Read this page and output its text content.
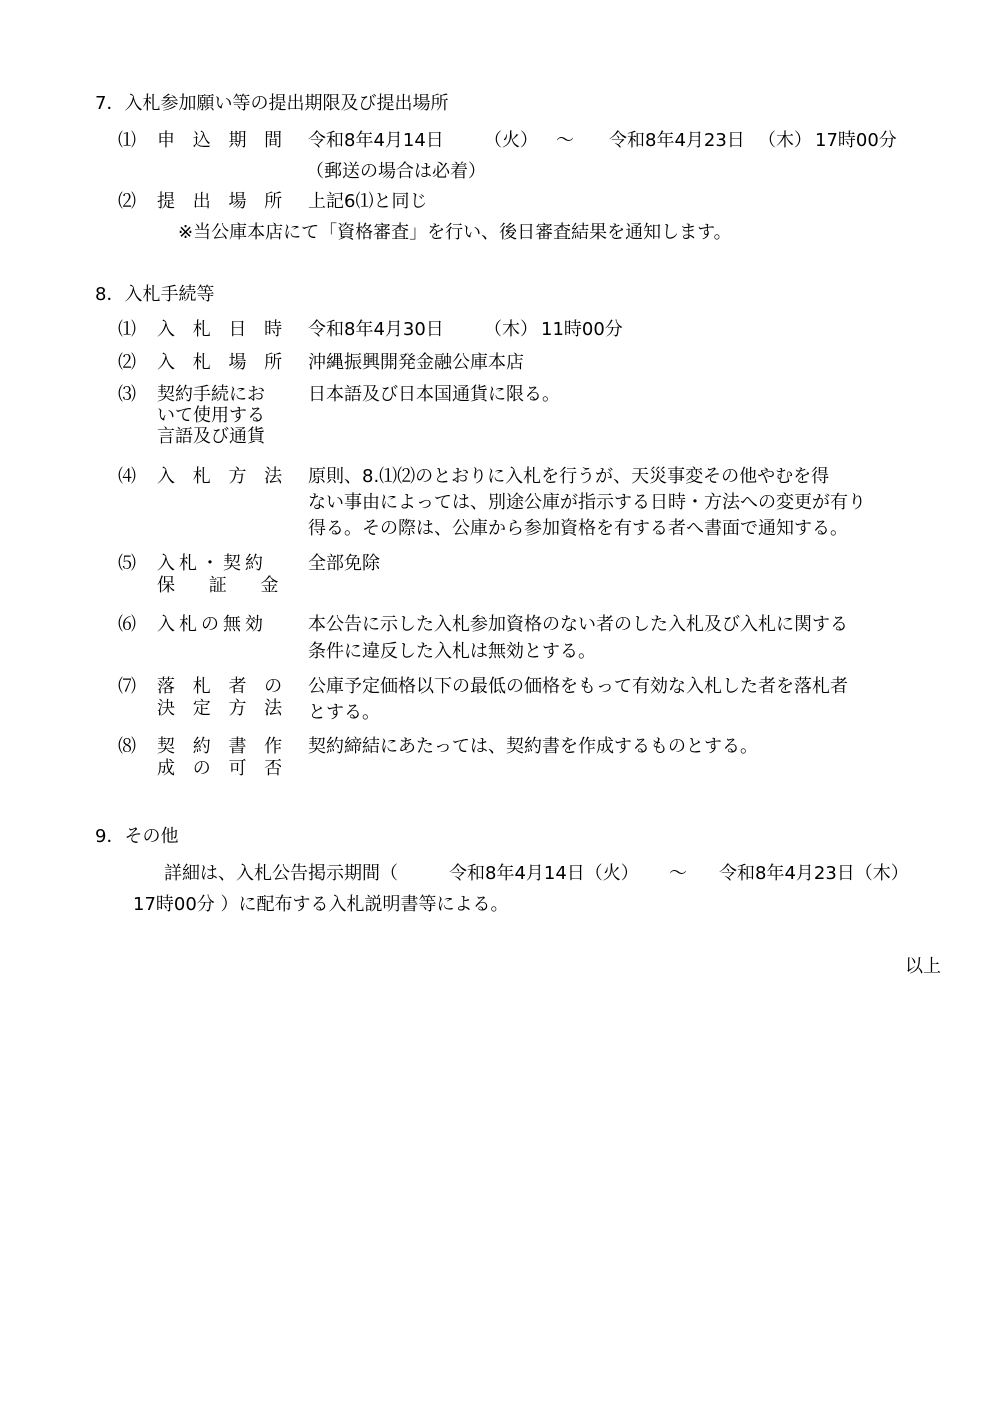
7．入札参加願い等の提出期限及び提出場所
⑴ 申 込 期 間 令和8年4月14日 （火） ～ 令和8年4月23日 （木） 17時00分
（郵送の場合は必着）
⑵ 提 出 場 所 上記6⑴と同じ
※当公庫本店にて「資格審査」を行い、後日審査結果を通知します。
8．入札手続等
⑴ 入 札 日 時 令和8年4月30日 （木） 11時00分
⑵ 入 札 場 所 沖縄振興開発金融公庫本店
⑶ 契約手続にお
いて使用する
言語及び通貨
日本語及び日本国通貨に限る。
⑷ 入 札 方 法 原則、8.⑴⑵のとおりに入札を行うが、天災事変その他やむを得
ない事由によっては、別途公庫が指示する日時・方法への変更が有り
得る。その際は、公庫から参加資格を有する者へ書面で通知する。
⑸ 入札・契約
保 証 金
全部免除
⑹ 入札の無効 本公告に示した入札参加資格のない者のした入札及び入札に関する
条件に違反した入札は無効とする。
⑺ 落 札 者 の
決 定 方 法
公庫予定価格以下の最低の価格をもって有効な入札した者を落札者
とする。
⑻ 契 約 書 作
成 の 可 否
契約締結にあたっては、契約書を作成するものとする。
9．その他
詳細は、入札公告掲示期間（	令和8年4月14日（火） ～ 令和8年4月23日（木）
17時00分 ）に配布する入札説明書等による。
以上
